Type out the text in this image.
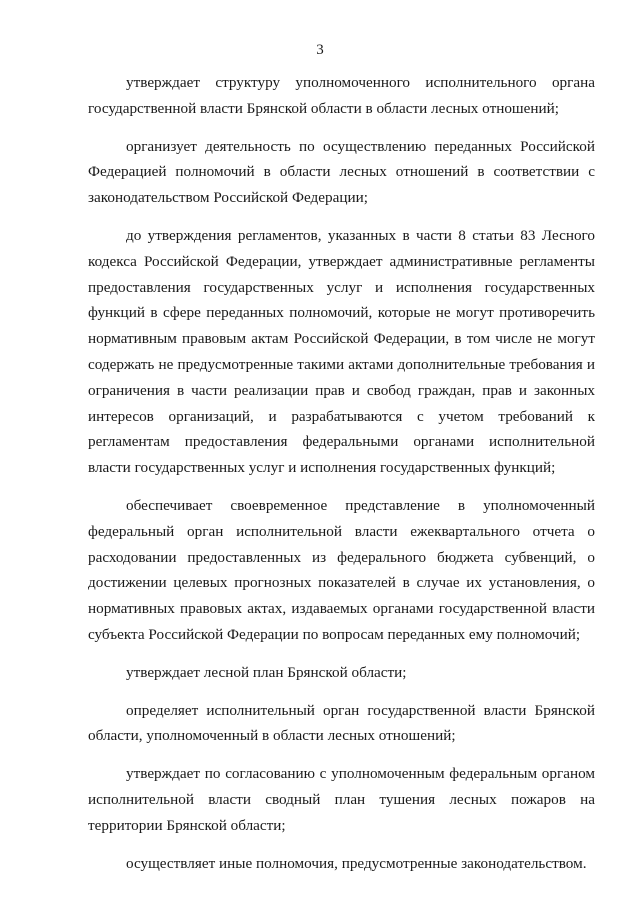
3

утверждает структуру уполномоченного исполнительного органа государственной власти Брянской области в области лесных отношений;

организует деятельность по осуществлению переданных Российской Федерацией полномочий в области лесных отношений в соответствии с законодательством Российской Федерации;

до утверждения регламентов, указанных в части 8 статьи 83 Лесного кодекса Российской Федерации, утверждает административные регламенты предоставления государственных услуг и исполнения государственных функций в сфере переданных полномочий, которые не могут противоречить нормативным правовым актам Российской Федерации, в том числе не могут содержать не предусмотренные такими актами дополнительные требования и ограничения в части реализации прав и свобод граждан, прав и законных интересов организаций, и разрабатываются с учетом требований к регламентам предоставления федеральными органами исполнительной власти государственных услуг и исполнения государственных функций;

обеспечивает своевременное представление в уполномоченный федеральный орган исполнительной власти ежеквартального отчета о расходовании предоставленных из федерального бюджета субвенций, о достижении целевых прогнозных показателей в случае их установления, о нормативных правовых актах, издаваемых органами государственной власти субъекта Российской Федерации по вопросам переданных ему полномочий;

утверждает лесной план Брянской области;

определяет исполнительный орган государственной власти Брянской области, уполномоченный в области лесных отношений;

утверждает по согласованию с уполномоченным федеральным органом исполнительной власти сводный план тушения лесных пожаров на территории Брянской области;

осуществляет иные полномочия, предусмотренные законодательством.
